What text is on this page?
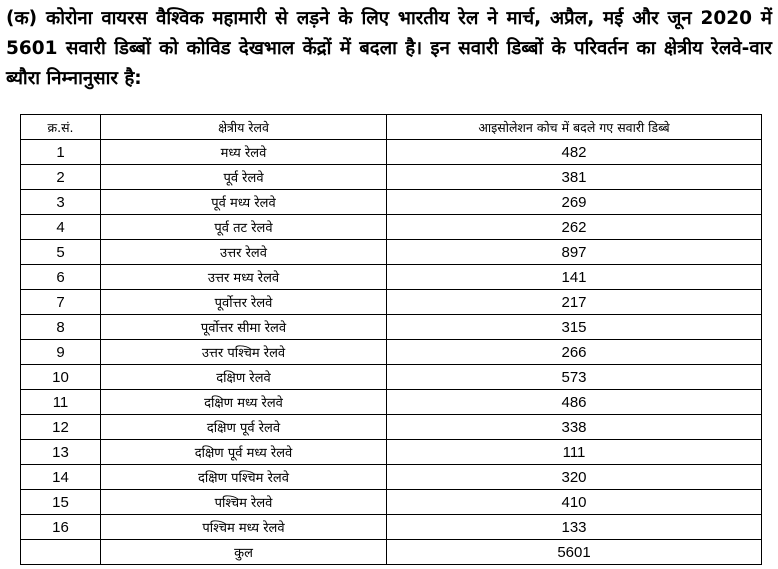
(क) कोरोना वायरस वैश्विक महामारी से लड़ने के लिए भारतीय रेल ने मार्च, अप्रैल, मई और जून 2020 में 5601 सवारी डिब्बों को कोविड देखभाल केंद्रों में बदला है। इन सवारी डिब्बों के परिवर्तन का क्षेत्रीय रेलवे-वार ब्यौरा निम्नानुसार है:

क्र.सं.	क्षेत्रीय रेलवे	आइसोलेशन कोच में बदले गए सवारी डिब्बे
1	मध्य रेलवे	482
2	पूर्व रेलवे	381
3	पूर्व मध्य रेलवे	269
4	पूर्व तट रेलवे	262
5	उत्तर रेलवे	897
6	उत्तर मध्य रेलवे	141
7	पूर्वोत्तर रेलवे	217
8	पूर्वोत्तर सीमा रेलवे	315
9	उत्तर पश्चिम रेलवे	266
10	दक्षिण रेलवे	573
11	दक्षिण मध्य रेलवे	486
12	दक्षिण पूर्व रेलवे	338
13	दक्षिण पूर्व मध्य रेलवे	111
14	दक्षिण पश्चिम रेलवे	320
15	पश्चिम रेलवे	410
16	पश्चिम मध्य रेलवे	133
	कुल	5601
